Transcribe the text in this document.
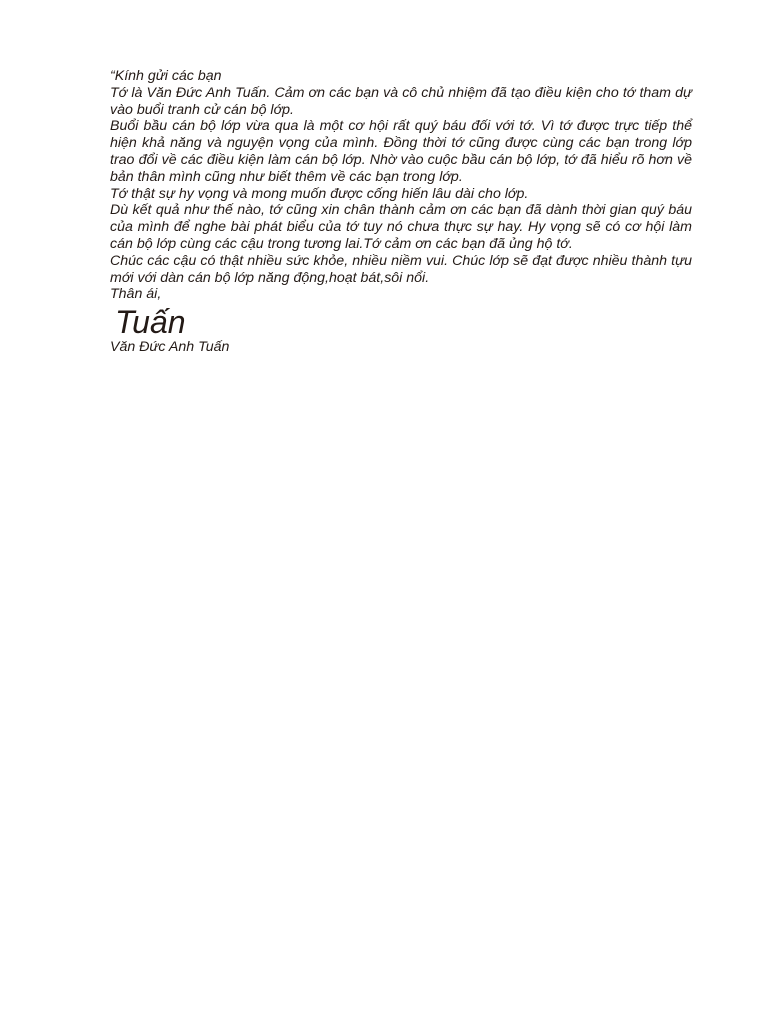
“Kính gửi các bạn

Tớ là Văn Đức Anh Tuấn. Cảm ơn các bạn và cô chủ nhiệm đã tạo điều kiện cho tớ tham dự vào buổi tranh cử cán bộ lớp.

Buổi bầu cán bộ lớp vừa qua là một cơ hội rất quý báu đối với tớ. Vì tớ được trực tiếp thể hiện khả năng và nguyện vọng của mình. Đồng thời tớ cũng được cùng các bạn trong lớp trao đổi về các điều kiện làm cán bộ lớp. Nhờ vào cuộc bầu cán bộ lớp, tớ đã hiểu rõ hơn về bản thân mình cũng như biết thêm về các bạn trong lớp.

Tớ thật sự hy vọng và mong muốn được cống hiến lâu dài cho lớp.

Dù kết quả như thế nào, tớ cũng xin chân thành cảm ơn các bạn đã dành thời gian quý báu của mình để nghe bài phát biểu của tớ tuy nó chưa thực sự hay. Hy vọng sẽ có cơ hội làm cán bộ lớp cùng các cậu trong tương lai.Tớ cảm ơn các bạn đã ủng hộ tớ.

Chúc các cậu có thật nhiều sức khỏe, nhiều niềm vui. Chúc lớp sẽ đạt được nhiều thành tựu mới với dàn cán bộ lớp năng động,hoạt bát,sôi nổi.

Thân ái,

Tuấn

Văn Đức Anh Tuấn
